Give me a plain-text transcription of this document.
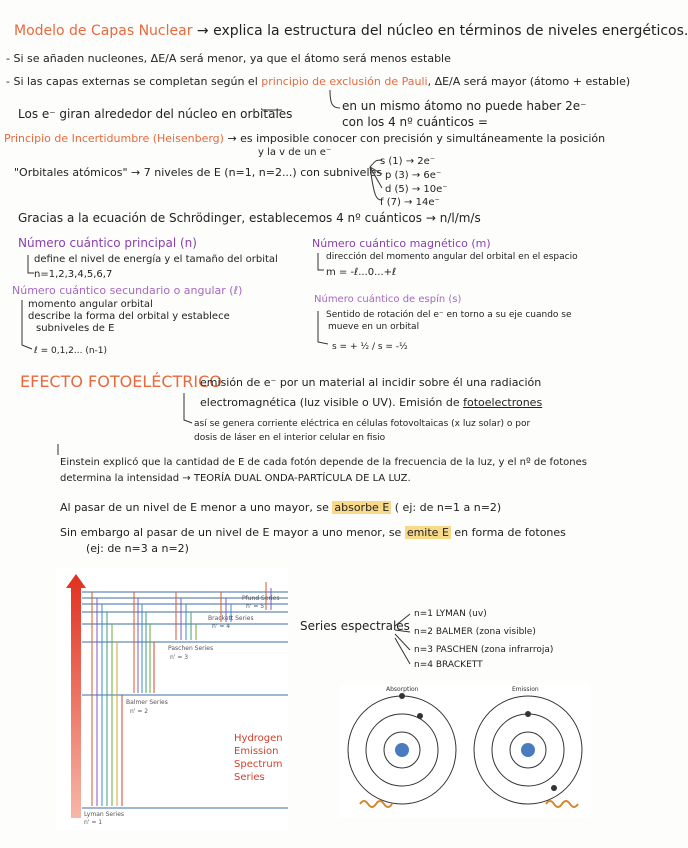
Modelo de Capas Nuclear → explica la estructura del núcleo en términos de niveles energéticos.
- Si se añaden nucleones, ΔE/A será menor, ya que el átomo será menos estable
- Si las capas externas se completan según el principio de exclusión de Pauli, ΔE/A será mayor (átomo + estable)
Los e⁻ giran alrededor del núcleo en orbitales
en un mismo átomo no puede haber 2e⁻
con los 4 nº cuánticos =
Principio de Incertidumbre (Heisenberg) → es imposible conocer con precisión y simultáneamente la posición
y la v de un e⁻
"Orbitales atómicos" → 7 niveles de E (n=1, n=2...) con subniveles
s (1) → 2e⁻
p (3) → 6e⁻
d (5) → 10e⁻
f (7) → 14e⁻
Gracias a la ecuación de Schrödinger, establecemos 4 nº cuánticos → n/l/m/s
Número cuántico principal (n)
define el nivel de energía y el tamaño del orbital
n=1,2,3,4,5,6,7
Número cuántico secundario o angular (ℓ)
momento angular orbital
describe la forma del orbital y establece
subniveles de E
ℓ = 0,1,2... (n-1)
Número cuántico magnético (m)
dirección del momento angular del orbital en el espacio
m = -ℓ...0...+ℓ
Número cuántico de espín (s)
Sentido de rotación del e⁻ en torno a su eje cuando se
mueve en un orbital
s = + ½ / s = -½
EFECTO FOTOELÉCTRICO
emisión de e⁻ por un material al incidir sobre él una radiación
electromagnética (luz visible o UV). Emisión de fotoelectrones
así se genera corriente eléctrica en células fotovoltaicas (x luz solar) o por
dosis de láser en el interior celular en fisio
Einstein explicó que la cantidad de E de cada fotón depende de la frecuencia de la luz, y el nº de fotones
determina la intensidad → TEORÍA DUAL ONDA-PARTÍCULA DE LA LUZ.
Al pasar de un nivel de E menor a uno mayor, se absorbe E ( ej: de n=1 a n=2)
Sin embargo al pasar de un nivel de E mayor a uno menor, se emite E en forma de fotones
(ej: de n=3 a n=2)
Higher Energy
Pfund Series
n' = 5
Brackett Series
n' = 4
Paschen Series
n' = 3
Balmer Series
n' = 2
Lyman Series
n' = 1
Hydrogen
Emission
Spectrum
Series
Series espectrales
n=1 LYMAN (uv)
n=2 BALMER (zona visible)
n=3 PASCHEN (zona infrarroja)
n=4 BRACKETT
Absorption	Emission
